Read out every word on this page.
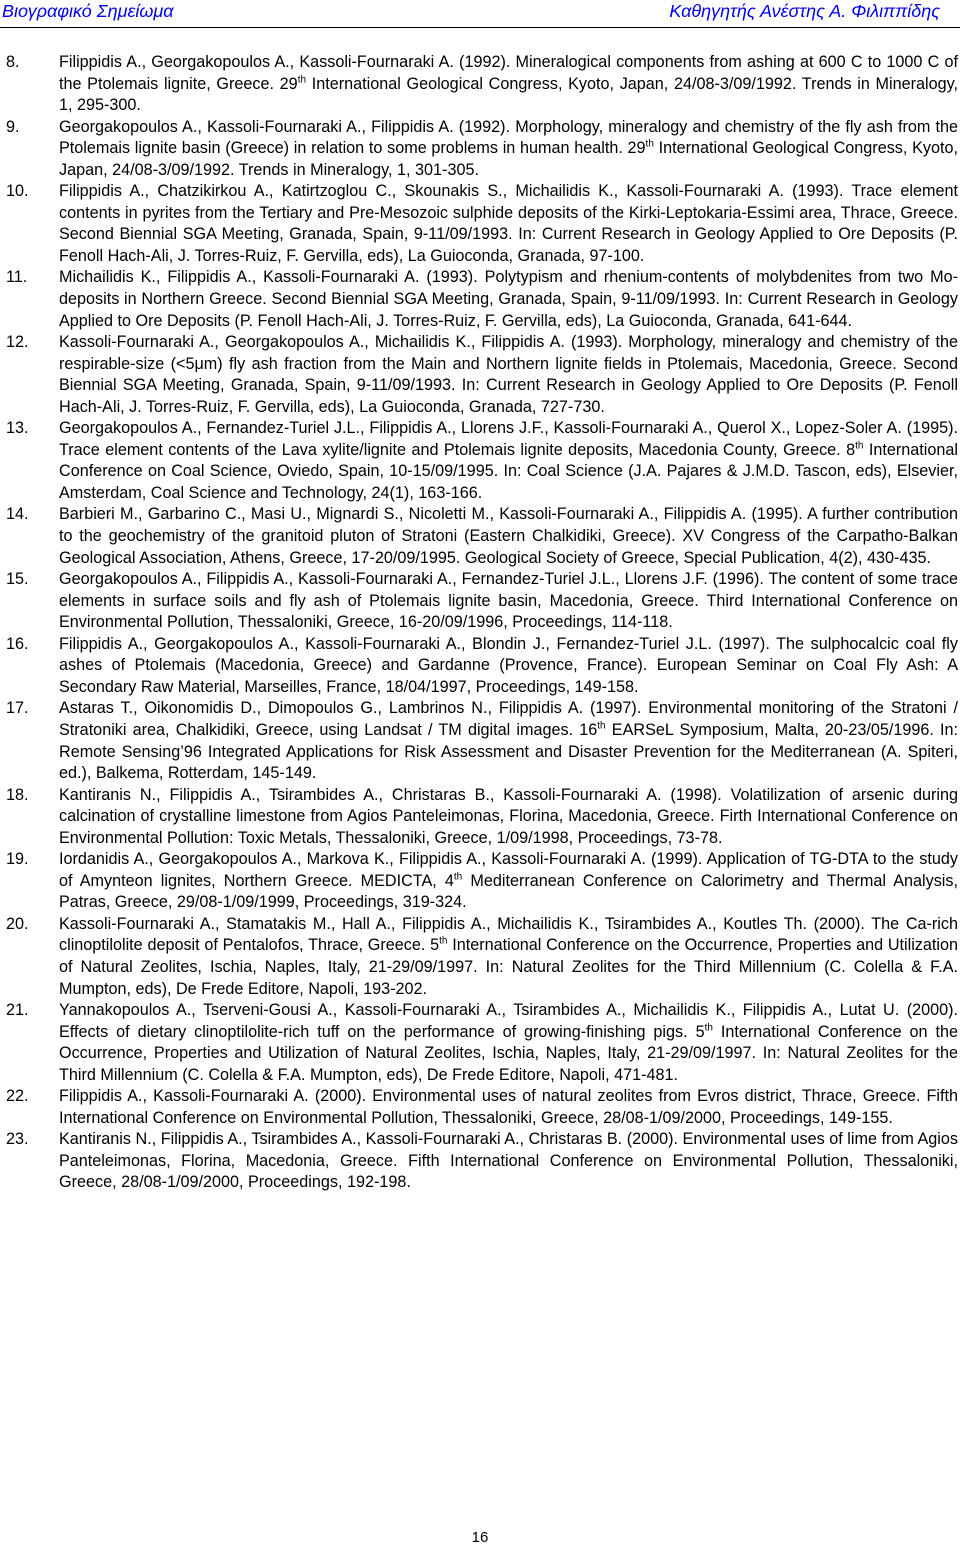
Βιογραφικό Σημείωμα	Καθηγητής Ανέστης Α. Φιλιππίδης
8. Filippidis A., Georgakopoulos A., Kassoli-Fournaraki A. (1992). Mineralogical components from ashing at 600 C to 1000 C of the Ptolemais lignite, Greece. 29th International Geological Congress, Kyoto, Japan, 24/08-3/09/1992. Trends in Mineralogy, 1, 295-300.
9. Georgakopoulos A., Kassoli-Fournaraki A., Filippidis A. (1992). Morphology, mineralogy and chemistry of the fly ash from the Ptolemais lignite basin (Greece) in relation to some problems in human health. 29th International Geological Congress, Kyoto, Japan, 24/08-3/09/1992. Trends in Mineralogy, 1, 301-305.
10. Filippidis A., Chatzikirkou A., Katirtzoglou C., Skounakis S., Michailidis K., Kassoli-Fournaraki A. (1993). Trace element contents in pyrites from the Tertiary and Pre-Mesozoic sulphide deposits of the Kirki-Leptokaria-Essimi area, Thrace, Greece. Second Biennial SGA Meeting, Granada, Spain, 9-11/09/1993. In: Current Research in Geology Applied to Ore Deposits (P. Fenoll Hach-Ali, J. Torres-Ruiz, F. Gervilla, eds), La Guioconda, Granada, 97-100.
11. Michailidis K., Filippidis A., Kassoli-Fournaraki A. (1993). Polytypism and rhenium-contents of molybdenites from two Mo-deposits in Northern Greece. Second Biennial SGA Meeting, Granada, Spain, 9-11/09/1993. In: Current Research in Geology Applied to Ore Deposits (P. Fenoll Hach-Ali, J. Torres-Ruiz, F. Gervilla, eds), La Guioconda, Granada, 641-644.
12. Kassoli-Fournaraki A., Georgakopoulos A., Michailidis K., Filippidis A. (1993). Morphology, mineralogy and chemistry of the respirable-size (<5μm) fly ash fraction from the Main and Northern lignite fields in Ptolemais, Macedonia, Greece. Second Biennial SGA Meeting, Granada, Spain, 9-11/09/1993. In: Current Research in Geology Applied to Ore Deposits (P. Fenoll Hach-Ali, J. Torres-Ruiz, F. Gervilla, eds), La Guioconda, Granada, 727-730.
13. Georgakopoulos A., Fernandez-Turiel J.L., Filippidis A., Llorens J.F., Kassoli-Fournaraki A., Querol X., Lopez-Soler A. (1995). Trace element contents of the Lava xylite/lignite and Ptolemais lignite deposits, Macedonia County, Greece. 8th International Conference on Coal Science, Oviedo, Spain, 10-15/09/1995. In: Coal Science (J.A. Pajares & J.M.D. Tascon, eds), Elsevier, Amsterdam, Coal Science and Technology, 24(1), 163-166.
14. Barbieri M., Garbarino C., Masi U., Mignardi S., Nicoletti M., Kassoli-Fournaraki A., Filippidis A. (1995). A further contribution to the geochemistry of the granitoid pluton of Stratoni (Eastern Chalkidiki, Greece). XV Congress of the Carpatho-Balkan Geological Association, Athens, Greece, 17-20/09/1995. Geological Society of Greece, Special Publication, 4(2), 430-435.
15. Georgakopoulos A., Filippidis A., Kassoli-Fournaraki A., Fernandez-Turiel J.L., Llorens J.F. (1996). The content of some trace elements in surface soils and fly ash of Ptolemais lignite basin, Macedonia, Greece. Third International Conference on Environmental Pollution, Thessaloniki, Greece, 16-20/09/1996, Proceedings, 114-118.
16. Filippidis A., Georgakopoulos A., Kassoli-Fournaraki A., Blondin J., Fernandez-Turiel J.L. (1997). The sulphocalcic coal fly ashes of Ptolemais (Macedonia, Greece) and Gardanne (Provence, France). European Seminar on Coal Fly Ash: A Secondary Raw Material, Marseilles, France, 18/04/1997, Proceedings, 149-158.
17. Astaras T., Oikonomidis D., Dimopoulos G., Lambrinos N., Filippidis A. (1997). Environmental monitoring of the Stratoni / Stratoniki area, Chalkidiki, Greece, using Landsat / TM digital images. 16th EARSeL Symposium, Malta, 20-23/05/1996. In: Remote Sensing’96 Integrated Applications for Risk Assessment and Disaster Prevention for the Mediterranean (A. Spiteri, ed.), Balkema, Rotterdam, 145-149.
18. Kantiranis N., Filippidis A., Tsirambides A., Christaras B., Kassoli-Fournaraki A. (1998). Volatilization of arsenic during calcination of crystalline limestone from Agios Panteleimonas, Florina, Macedonia, Greece. Firth International Conference on Environmental Pollution: Toxic Metals, Thessaloniki, Greece, 1/09/1998, Proceedings, 73-78.
19. Iordanidis A., Georgakopoulos A., Markova K., Filippidis A., Kassoli-Fournaraki A. (1999). Application of TG-DTA to the study of Amynteon lignites, Northern Greece. MEDICTA, 4th Mediterranean Conference on Calorimetry and Thermal Analysis, Patras, Greece, 29/08-1/09/1999, Proceedings, 319-324.
20. Kassoli-Fournaraki A., Stamatakis M., Hall A., Filippidis A., Michailidis K., Tsirambides A., Koutles Th. (2000). The Ca-rich clinoptilolite deposit of Pentalofos, Thrace, Greece. 5th International Conference on the Occurrence, Properties and Utilization of Natural Zeolites, Ischia, Naples, Italy, 21-29/09/1997. In: Natural Zeolites for the Third Millennium (C. Colella & F.A. Mumpton, eds), De Frede Editore, Napoli, 193-202.
21. Yannakopoulos A., Tserveni-Gousi A., Kassoli-Fournaraki A., Tsirambides A., Michailidis K., Filippidis A., Lutat U. (2000). Effects of dietary clinoptilolite-rich tuff on the performance of growing-finishing pigs. 5th International Conference on the Occurrence, Properties and Utilization of Natural Zeolites, Ischia, Naples, Italy, 21-29/09/1997. In: Natural Zeolites for the Third Millennium (C. Colella & F.A. Mumpton, eds), De Frede Editore, Napoli, 471-481.
22. Filippidis A., Kassoli-Fournaraki A. (2000). Environmental uses of natural zeolites from Evros district, Thrace, Greece. Fifth International Conference on Environmental Pollution, Thessaloniki, Greece, 28/08-1/09/2000, Proceedings, 149-155.
23. Kantiranis N., Filippidis A., Tsirambides A., Kassoli-Fournaraki A., Christaras B. (2000). Environmental uses of lime from Agios Panteleimonas, Florina, Macedonia, Greece. Fifth International Conference on Environmental Pollution, Thessaloniki, Greece, 28/08-1/09/2000, Proceedings, 192-198.
16
